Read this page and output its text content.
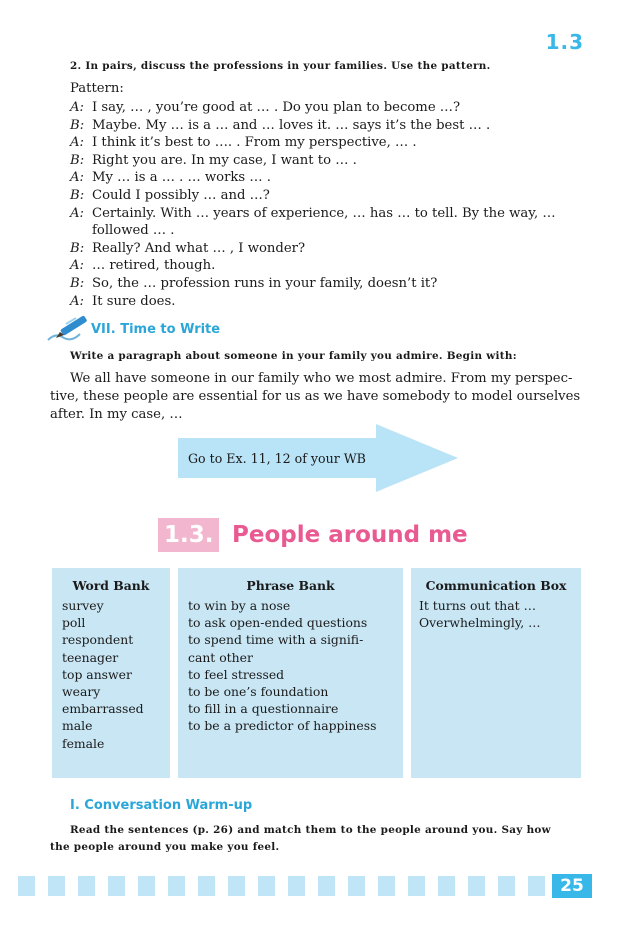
1.3
2. In pairs, discuss the professions in your families. Use the pattern.
Pattern:
A: I say, … , you’re good at … . Do you plan to become …?
B: Maybe. My … is a … and … loves it. … says it’s the best … .
A: I think it’s best to …. . From my perspective, … .
B: Right you are. In my case, I want to … .
A: My … is a … . … works … .
B: Could I possibly … and …?
A: Certainly. With … years of experience, … has … to tell. By the way, …
followed … .
B: Really? And what … , I wonder?
A: … retired, though.
B: So, the … profession runs in your family, doesn’t it?
A: It sure does.
VII. Time to Write
Write a paragraph about someone in your family you admire. Begin with:
We all have someone in our family who we most admire. From my perspec-
tive, these people are essential for us as we have somebody to model ourselves
after. In my case, …
Go to Ex. 11, 12 of your WB
1.3. People around me
Word Bank
survey
poll
respondent
teenager
top answer
weary
embarrassed
male
female
Phrase Bank
to win by a nose
to ask open-ended questions
to spend time with a signifi-
cant other
to feel stressed
to be one’s foundation
to fill in a questionnaire
to be a predictor of happiness
Communication Box
It turns out that …
Overwhelmingly, …
I. Conversation Warm-up
Read the sentences (p. 26) and match them to the people around you. Say how
the people around you make you feel.
25
